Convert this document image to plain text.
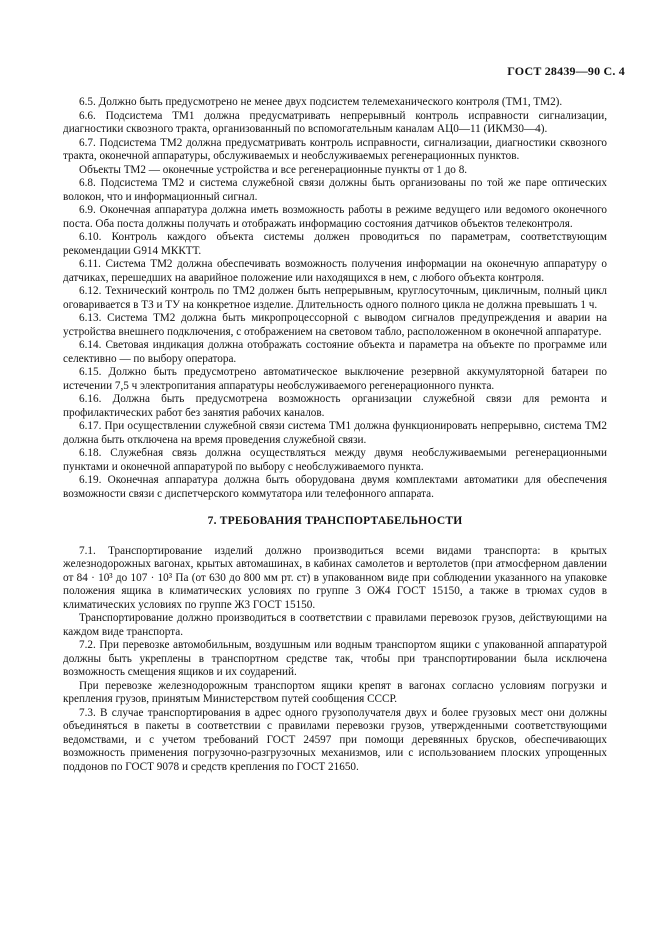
ГОСТ 28439—90 С. 4

6.5. Должно быть предусмотрено не менее двух подсистем телемеханического контроля (ТМ1, ТМ2).

6.6. Подсистема ТМ1 должна предусматривать непрерывный контроль исправности сигнализации, диагностики сквозного тракта, организованный по вспомогательным каналам АЦ0—11 (ИКМ30—4).

6.7. Подсистема ТМ2 должна предусматривать контроль исправности, сигнализации, диагностики сквозного тракта, оконечной аппаратуры, обслуживаемых и необслуживаемых регенерационных пунктов.

Объекты ТМ2 — оконечные устройства и все регенерационные пункты от 1 до 8.

6.8. Подсистема ТМ2 и система служебной связи должны быть организованы по той же паре оптических волокон, что и информационный сигнал.

6.9. Оконечная аппаратура должна иметь возможность работы в режиме ведущего или ведомого оконечного поста. Оба поста должны получать и отображать информацию состояния датчиков объектов телеконтроля.

6.10. Контроль каждого объекта системы должен проводиться по параметрам, соответствующим рекомендации G914 МККТТ.

6.11. Система ТМ2 должна обеспечивать возможность получения информации на оконечную аппаратуру о датчиках, перешедших на аварийное положение или находящихся в нем, с любого объекта контроля.

6.12. Технический контроль по ТМ2 должен быть непрерывным, круглосуточным, цикличным, полный цикл оговаривается в ТЗ и ТУ на конкретное изделие. Длительность одного полного цикла не должна превышать 1 ч.

6.13. Система ТМ2 должна быть микропроцессорной с выводом сигналов предупреждения и аварии на устройства внешнего подключения, с отображением на световом табло, расположенном в оконечной аппаратуре.

6.14. Световая индикация должна отображать состояние объекта и параметра на объекте по программе или селективно — по выбору оператора.

6.15. Должно быть предусмотрено автоматическое выключение резервной аккумуляторной батареи по истечении 7,5 ч электропитания аппаратуры необслуживаемого регенерационного пункта.

6.16. Должна быть предусмотрена возможность организации служебной связи для ремонта и профилактических работ без занятия рабочих каналов.

6.17. При осуществлении служебной связи система ТМ1 должна функционировать непрерывно, система ТМ2 должна быть отключена на время проведения служебной связи.

6.18. Служебная связь должна осуществляться между двумя необслуживаемыми регенерационными пунктами и оконечной аппаратурой по выбору с необслуживаемого пункта.

6.19. Оконечная аппаратура должна быть оборудована двумя комплектами автоматики для обеспечения возможности связи с диспетчерского коммутатора или телефонного аппарата.

7. ТРЕБОВАНИЯ ТРАНСПОРТАБЕЛЬНОСТИ

7.1. Транспортирование изделий должно производиться всеми видами транспорта: в крытых железнодорожных вагонах, крытых автомашинах, в кабинах самолетов и вертолетов (при атмосферном давлении от 84 · 10³ до 107 · 10³ Па (от 630 до 800 мм рт. ст) в упакованном виде при соблюдении указанного на упаковке положения ящика в климатических условиях по группе 3 ОЖ4 ГОСТ 15150, а также в трюмах судов в климатических условиях по группе Ж3 ГОСТ 15150.

Транспортирование должно производиться в соответствии с правилами перевозок грузов, действующими на каждом виде транспорта.

7.2. При перевозке автомобильным, воздушным или водным транспортом ящики с упакованной аппаратурой должны быть укреплены в транспортном средстве так, чтобы при транспортировании была исключена возможность смещения ящиков и их соударений.

При перевозке железнодорожным транспортом ящики крепят в вагонах согласно условиям погрузки и крепления грузов, принятым Министерством путей сообщения СССР.

7.3. В случае транспортирования в адрес одного грузополучателя двух и более грузовых мест они должны объединяться в пакеты в соответствии с правилами перевозки грузов, утвержденными соответствующими ведомствами, и с учетом требований ГОСТ 24597 при помощи деревянных брусков, обеспечивающих возможность применения погрузочно-разгрузочных механизмов, или с использованием плоских упрощенных поддонов по ГОСТ 9078 и средств крепления по ГОСТ 21650.
